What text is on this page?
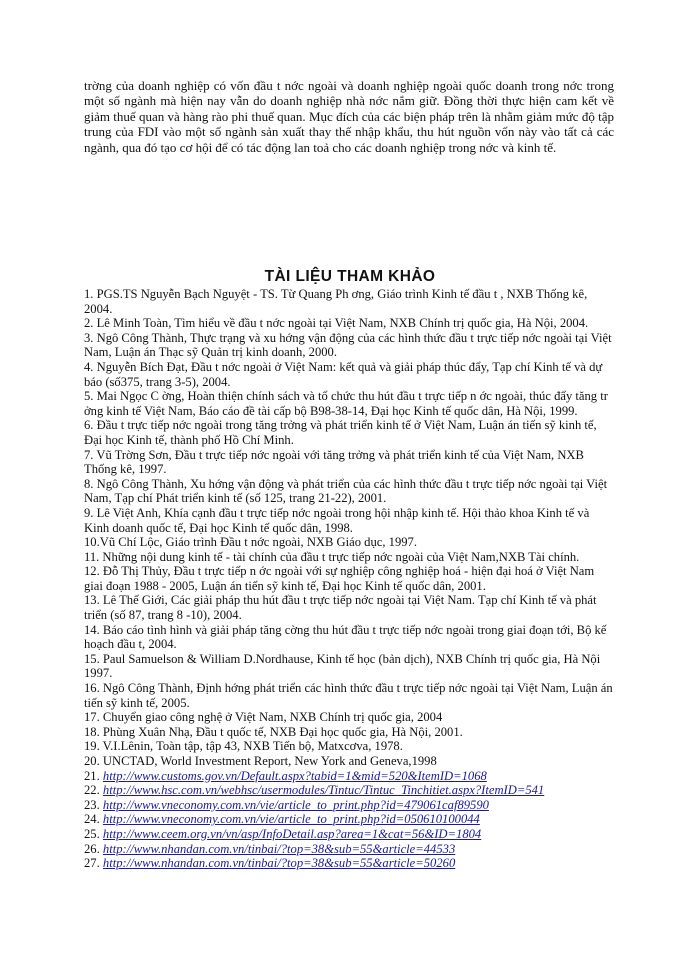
trờng của doanh nghiệp có vốn đầu t nớc ngoài và doanh nghiệp ngoài quốc doanh trong nớc trong một số ngành mà hiện nay vẫn do doanh nghiệp nhà nớc nắm giữ. Đồng thời thực hiện cam kết về giảm thuế quan và hàng rào phi thuế quan. Mục đích của các biện pháp trên là nhằm giảm mức độ tập trung của FDI vào một số ngành sản xuất thay thế nhập khẩu, thu hút nguồn vốn này vào tất cả các ngành, qua đó tạo cơ hội để có tác động lan toả cho các doanh nghiệp trong nớc và kinh tế.

TÀI LIỆU THAM KHẢO
1. PGS.TS Nguyễn Bạch Nguyệt - TS. Từ Quang Ph ơng, Giáo trình Kinh tế đầu t , NXB Thống kê, 2004.
2. Lê Minh Toàn, Tìm hiểu về đầu t nớc ngoài tại Việt Nam, NXB Chính trị quốc gia, Hà Nội, 2004.
3. Ngô Công Thành, Thực trạng và xu hớng vận động của các hình thức đầu t trực tiếp nớc ngoài tại Việt Nam, Luận án Thạc sỹ Quản trị kinh doanh, 2000.
4. Nguyễn Bích Đạt, Đầu t nớc ngoài ở Việt Nam: kết quả và giải pháp thúc đẩy, Tạp chí Kinh tế và dự báo (số375, trang 3-5), 2004.
5. Mai Ngọc C ờng, Hoàn thiện chính sách và tổ chức thu hút đầu t trực tiếp n ớc ngoài, thúc đẩy tăng tr ởng kinh tế Việt Nam, Báo cáo đề tài cấp bộ B98-38-14, Đại học Kinh tế quốc dân, Hà Nội, 1999.
6. Đầu t trực tiếp nớc ngoài trong tăng trởng và phát triển kinh tế ở Việt Nam, Luận án tiến sỹ kinh tế, Đại học Kinh tế, thành phố Hồ Chí Minh.
7. Vũ Trờng Sơn, Đầu t trực tiếp nớc ngoài với tăng trởng và phát triển kinh tế của Việt Nam, NXB Thống kê, 1997.
8. Ngô Công Thành, Xu hớng vận động và phát triển của các hình thức đầu t trực tiếp nớc ngoài tại Việt Nam, Tạp chí Phát triển kinh tế (số 125, trang 21-22), 2001.
9. Lê Việt Anh, Khía cạnh đầu t trực tiếp nớc ngoài trong hội nhập kinh tế. Hội thảo khoa Kinh tế và Kinh doanh quốc tế, Đại học Kinh tế quốc dân, 1998.
10.Vũ Chí Lộc, Giáo trình Đầu t nớc ngoài, NXB Giáo dục, 1997.
11. Những nội dung kinh tế - tài chính của đầu t trực tiếp nớc ngoài của Việt Nam,NXB Tài chính.
12. Đỗ Thị Thủy, Đầu t trực tiếp n ớc ngoài với sự nghiệp công nghiệp hoá - hiện đại hoá ở Việt Nam giai đoạn 1988 - 2005, Luận án tiến sỹ kinh tế, Đại học Kinh tế quốc dân, 2001.
13. Lê Thế Giới, Các giải pháp thu hút đầu t trực tiếp nớc ngoài tại Việt Nam. Tạp chí Kinh tế và phát triển (số 87, trang 8 -10), 2004.
14. Báo cáo tình hình và giải pháp tăng cờng thu hút đầu t trực tiếp nớc ngoài trong giai đoạn tới, Bộ kế hoạch đầu t, 2004.
15. Paul Samuelson & William D.Nordhause, Kinh tế học (bản dịch), NXB Chính trị quốc gia, Hà Nội 1997.
16. Ngô Công Thành, Định hớng phát triển các hình thức đầu t trực tiếp nớc ngoài tại Việt Nam, Luận án tiến sỹ kinh tế, 2005.
17. Chuyển giao công nghệ ở Việt Nam, NXB Chính trị quốc gia, 2004
18. Phùng Xuân Nhạ, Đầu t quốc tế, NXB Đại học quốc gia, Hà Nội, 2001.
19. V.I.Lênin, Toàn tập, tập 43, NXB Tiến bộ, Matxcơva, 1978.
20. UNCTAD, World Investment Report, New York and Geneva,1998
21. http://www.customs.gov.vn/Default.aspx?tabid=1&mid=520&ItemID=1068
22. http://www.hsc.com.vn/webhsc/usermodules/Tintuc/Tintuc_Tinchitiet.aspx?ItemID=541
23. http://www.vneconomy.com.vn/vie/article_to_print.php?id=479061caf89590
24. http://www.vneconomy.com.vn/vie/article_to_print.php?id=050610100044
25. http://www.ceem.org.vn/vn/asp/InfoDetail.asp?area=1&cat=56&ID=1804
26. http://www.nhandan.com.vn/tinbai/?top=38&sub=55&article=44533
27. http://www.nhandan.com.vn/tinbai/?top=38&sub=55&article=50260
